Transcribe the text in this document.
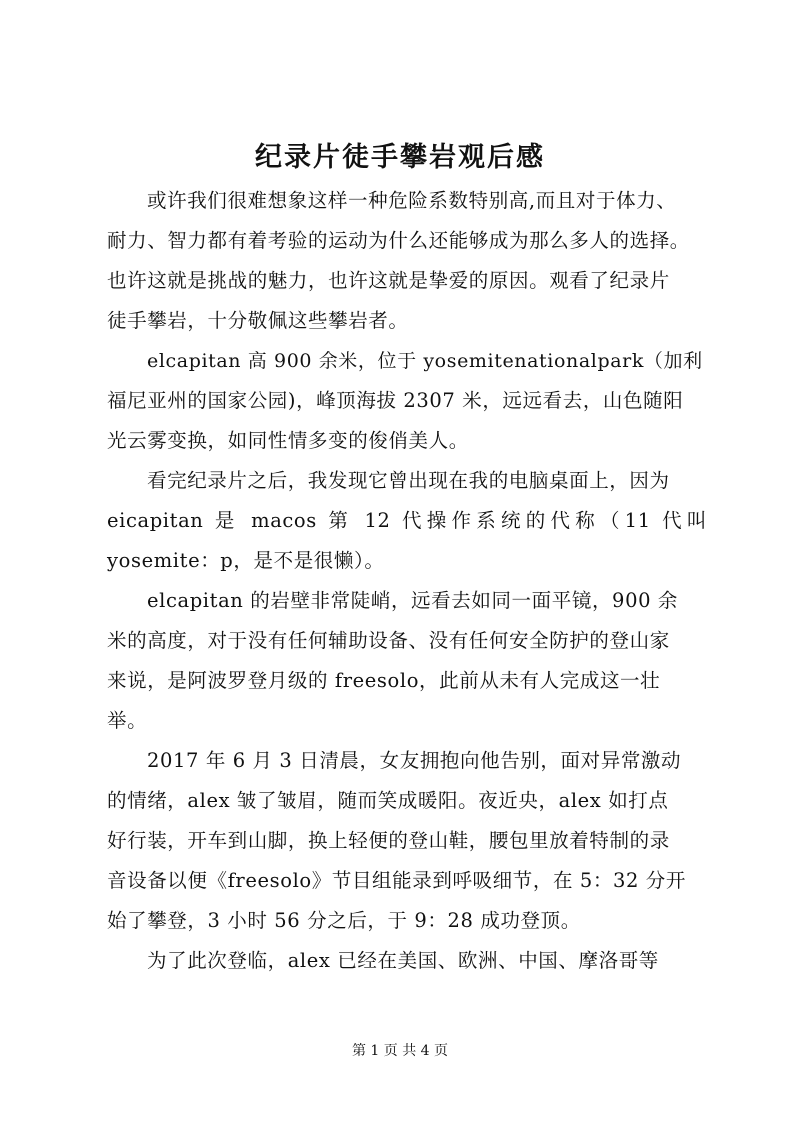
纪录片徒手攀岩观后感
或许我们很难想象这样一种危险系数特别高,而且对于体力、
耐力、智力都有着考验的运动为什么还能够成为那么多人的选择。
也许这就是挑战的魅力，也许这就是挚爱的原因。观看了纪录片
徒手攀岩，十分敬佩这些攀岩者。
elcapitan 高 900 余米，位于 yosemitenationalpark（加利
福尼亚州的国家公园)，峰顶海拔 2307 米，远远看去，山色随阳
光云雾变换，如同性情多变的俊俏美人。
看完纪录片之后，我发现它曾出现在我的电脑桌面上，因为
eicapitan 是 macos 第 12 代操作系统的代称（11 代叫
yosemite：p，是不是很懒）。
elcapitan 的岩壁非常陡峭，远看去如同一面平镜，900 余
米的高度，对于没有任何辅助设备、没有任何安全防护的登山家
来说，是阿波罗登月级的 freesolo，此前从未有人完成这一壮
举。
2017 年 6 月 3 日清晨，女友拥抱向他告别，面对异常激动
的情绪，alex 皱了皱眉，随而笑成暖阳。夜近央，alex 如打点
好行装，开车到山脚，换上轻便的登山鞋，腰包里放着特制的录
音设备以便《freesolo》节目组能录到呼吸细节，在 5：32 分开
始了攀登，3 小时 56 分之后，于 9：28 成功登顶。
为了此次登临，alex 已经在美国、欧洲、中国、摩洛哥等
第 1 页 共 4 页
